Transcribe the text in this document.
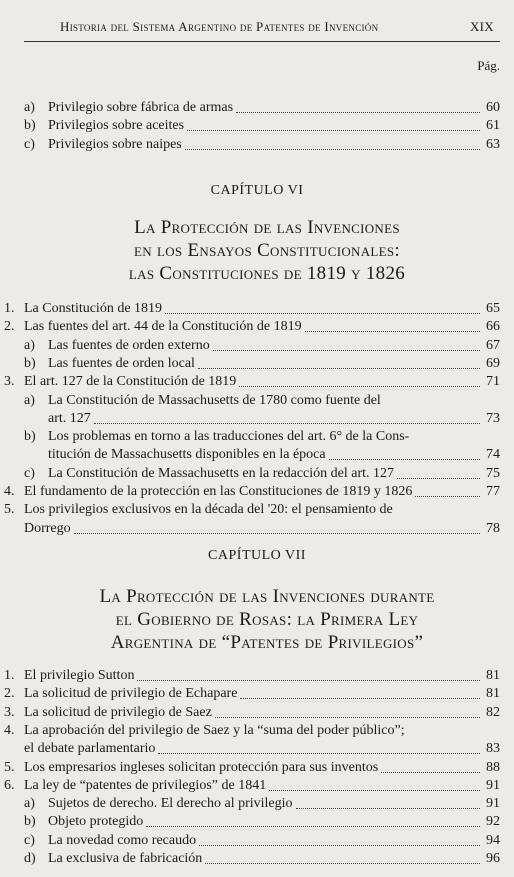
Historia del Sistema Argentino de Patentes de Invención	XIX
Pág.
a) Privilegio sobre fábrica de armas	60
b) Privilegios sobre aceites	61
c) Privilegios sobre naipes	63
1. La Constitución de 1819	65
2. Las fuentes del art. 44 de la Constitución de 1819	66
a) Las fuentes de orden externo	67
b) Las fuentes de orden local	69
3. El art. 127 de la Constitución de 1819	71
a) La Constitución de Massachusetts de 1780 como fuente del
art. 127	73
b) Los problemas en torno a las traducciones del art. 6° de la Cons-
titución de Massachusetts disponibles en la época	74
c) La Constitución de Massachusetts en la redacción del art. 127	75
4. El fundamento de la protección en las Constituciones de 1819 y 1826	77
5. Los privilegios exclusivos en la década del '20: el pensamiento de
Dorrego	78
1. El privilegio Sutton	81
2. La solicitud de privilegio de Echapare	81
3. La solicitud de privilegio de Saez	82
4. La aprobación del privilegio de Saez y la “suma del poder público”;
el debate parlamentario	83
5. Los empresarios ingleses solicitan protección para sus inventos	88
6. La ley de “patentes de privilegios” de 1841	91
a) Sujetos de derecho. El derecho al privilegio	91
b) Objeto protegido	92
c) La novedad como recaudo	94
d) La exclusiva de fabricación	96
CAPÍTULO VI
La Protección de las Invenciones
en los Ensayos Constitucionales:
las Constituciones de 1819 y 1826
CAPÍTULO VII
La Protección de las Invenciones durante
el Gobierno de Rosas: la Primera Ley
Argentina de “Patentes de Privilegios”
